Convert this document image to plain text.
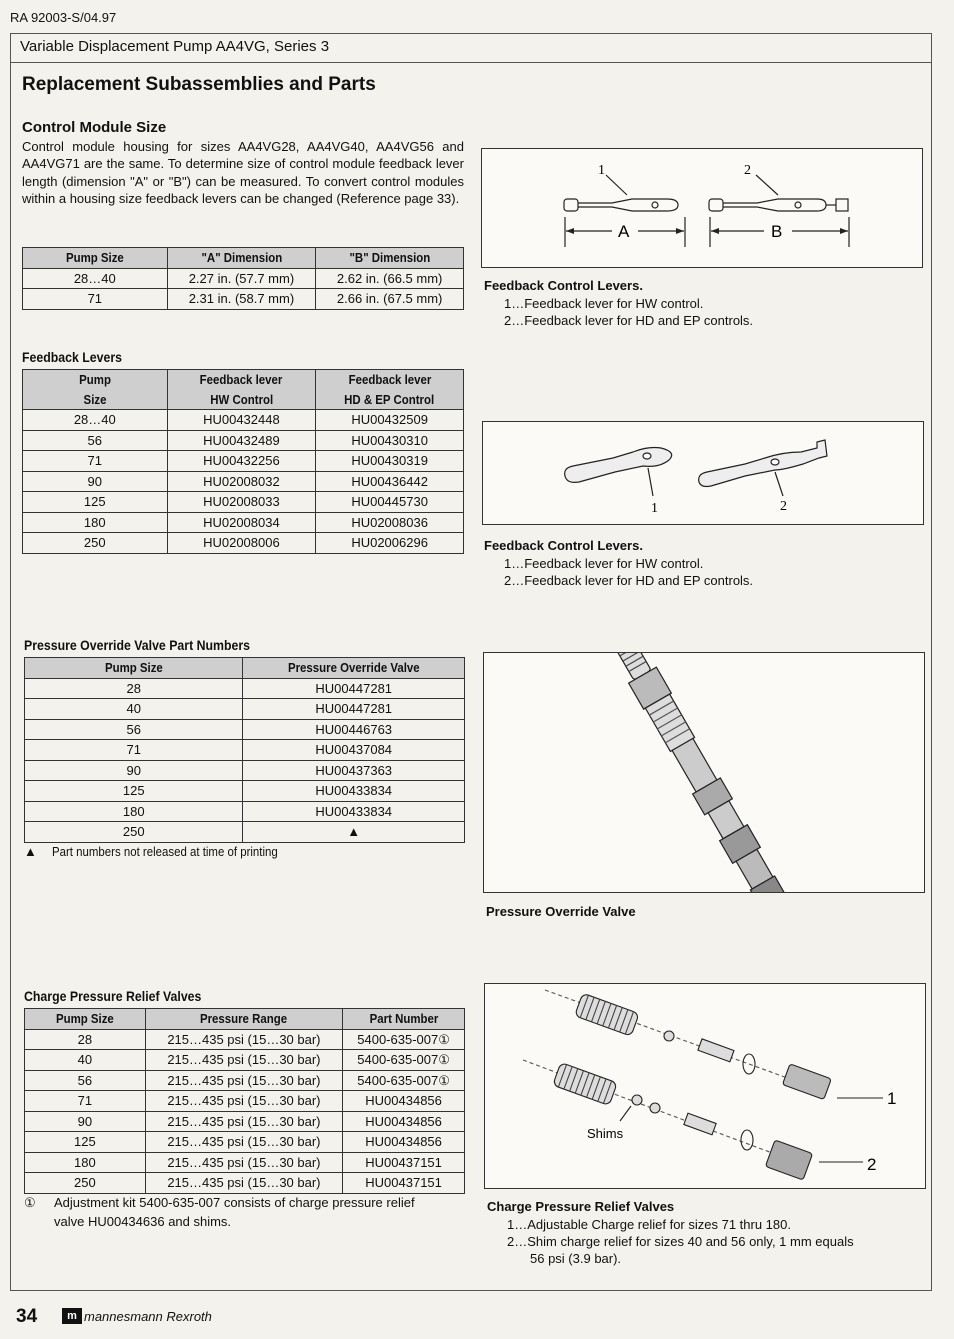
RA 92003-S/04.97
Variable Displacement Pump AA4VG, Series 3
Replacement Subassemblies and Parts
Control Module Size
Control module housing for sizes AA4VG28, AA4VG40, AA4VG56 and AA4VG71 are the same. To determine size of control module feedback lever length (dimension "A" or "B") can be measured. To convert control modules within a housing size feedback levers can be changed (Reference page 33).
Pump Size	"A" Dimension	"B" Dimension
28…40	2.27 in. (57.7 mm)	2.62 in. (66.5 mm)
71	2.31 in. (58.7 mm)	2.66 in. (67.5 mm)
Feedback Levers
Pump	Feedback lever	Feedback lever
Size	HW Control	HD & EP Control
28…40	HU00432448	HU00432509
56	HU00432489	HU00430310
71	HU00432256	HU00430319
90	HU02008032	HU00436442
125	HU02008033	HU00445730
180	HU02008034	HU02008036
250	HU02008006	HU02006296
Pressure Override Valve Part Numbers
Pump Size	Pressure Override Valve
28	HU00447281
40	HU00447281
56	HU00446763
71	HU00437084
90	HU00437363
125	HU00433834
180	HU00433834
250	▲
▲ Part numbers not released at time of printing
Charge Pressure Relief Valves
Pump Size	Pressure Range	Part Number
28	215…435 psi (15…30 bar)	5400-635-007①
40	215…435 psi (15…30 bar)	5400-635-007①
56	215…435 psi (15…30 bar)	5400-635-007①
71	215…435 psi (15…30 bar)	HU00434856
90	215…435 psi (15…30 bar)	HU00434856
125	215…435 psi (15…30 bar)	HU00434856
180	215…435 psi (15…30 bar)	HU00437151
250	215…435 psi (15…30 bar)	HU00437151
① Adjustment kit 5400-635-007 consists of charge pressure relief
valve HU00434636 and shims.
1	2
A	B
Feedback Control Levers.
1…Feedback lever for HW control.
2…Feedback lever for HD and EP controls.
1	2
Feedback Control Levers.
1…Feedback lever for HW control.
2…Feedback lever for HD and EP controls.
Pressure Override Valve
1
2
Shims
Charge Pressure Relief Valves
1…Adjustable Charge relief for sizes 71 thru 180.
2…Shim charge relief for sizes 40 and 56 only, 1 mm equals
56 psi (3.9 bar).
34	m mannesmann Rexroth
